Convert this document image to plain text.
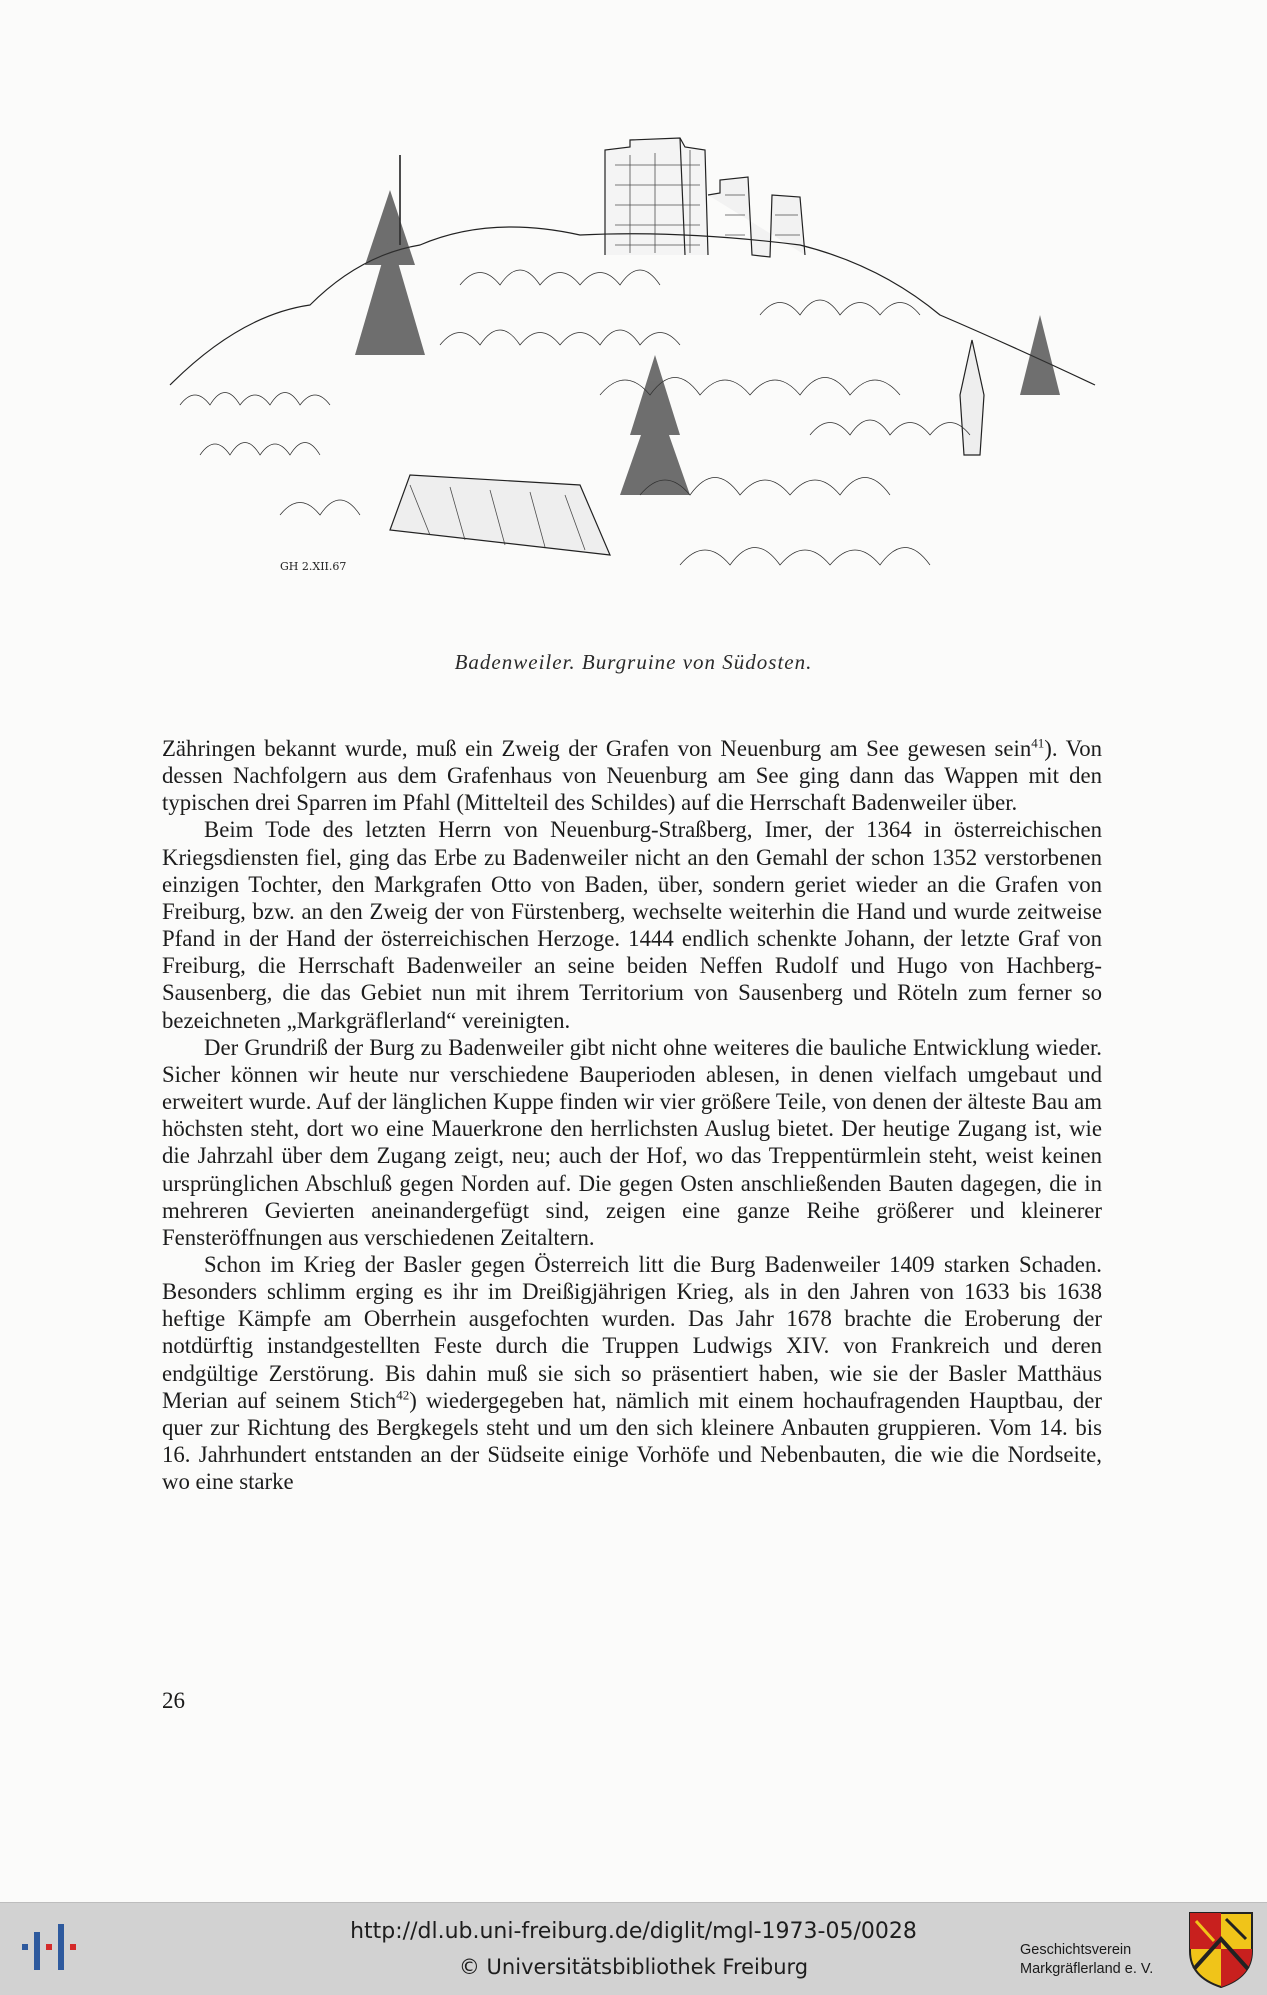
GH 2.XII.67
Badenweiler. Burgruine von Südosten.

Zähringen bekannt wurde, muß ein Zweig der Grafen von Neuenburg am See gewesen sein$^{41}$). Von dessen Nachfolgern aus dem Grafenhaus von Neuenburg am See ging dann das Wappen mit den typischen drei Sparren im Pfahl (Mittelteil des Schildes) auf die Herrschaft Badenweiler über.

Beim Tode des letzten Herrn von Neuenburg-Straßberg, Imer, der 1364 in österreichischen Kriegsdiensten fiel, ging das Erbe zu Badenweiler nicht an den Gemahl der schon 1352 verstorbenen einzigen Tochter, den Markgrafen Otto von Baden, über, sondern geriet wieder an die Grafen von Freiburg, bzw. an den Zweig der von Fürstenberg, wechselte weiterhin die Hand und wurde zeitweise Pfand in der Hand der österreichischen Herzoge. 1444 endlich schenkte Johann, der letzte Graf von Freiburg, die Herrschaft Badenweiler an seine beiden Neffen Rudolf und Hugo von Hachberg-Sausenberg, die das Gebiet nun mit ihrem Territorium von Sausenberg und Röteln zum ferner so bezeichneten „Markgräflerland“ vereinigten.

Der Grundriß der Burg zu Badenweiler gibt nicht ohne weiteres die bauliche Entwicklung wieder. Sicher können wir heute nur verschiedene Bauperioden ablesen, in denen vielfach umgebaut und erweitert wurde. Auf der länglichen Kuppe finden wir vier größere Teile, von denen der älteste Bau am höchsten steht, dort wo eine Mauerkrone den herrlichsten Auslug bietet. Der heutige Zugang ist, wie die Jahrzahl über dem Zugang zeigt, neu; auch der Hof, wo das Treppentürmlein steht, weist keinen ursprünglichen Abschluß gegen Norden auf. Die gegen Osten anschließenden Bauten dagegen, die in mehreren Gevierten aneinandergefügt sind, zeigen eine ganze Reihe größerer und kleinerer Fensteröffnungen aus verschiedenen Zeitaltern.

Schon im Krieg der Basler gegen Österreich litt die Burg Badenweiler 1409 starken Schaden. Besonders schlimm erging es ihr im Dreißigjährigen Krieg, als in den Jahren von 1633 bis 1638 heftige Kämpfe am Oberrhein ausgefochten wurden. Das Jahr 1678 brachte die Eroberung der notdürftig instandgestellten Feste durch die Truppen Ludwigs XIV. von Frankreich und deren endgültige Zerstörung. Bis dahin muß sie sich so präsentiert haben, wie sie der Basler Matthäus Merian auf seinem Stich$^{42}$) wiedergegeben hat, nämlich mit einem hochaufragenden Hauptbau, der quer zur Richtung des Bergkegels steht und um den sich kleinere Anbauten gruppieren. Vom 14. bis 16. Jahrhundert entstanden an der Südseite einige Vorhöfe und Nebenbauten, die wie die Nordseite, wo eine starke

26
http://dl.ub.uni-freiburg.de/diglit/mgl-1973-05/0028
© Universitätsbibliothek Freiburg
Geschichtsverein
Markgräflerland e. V.
